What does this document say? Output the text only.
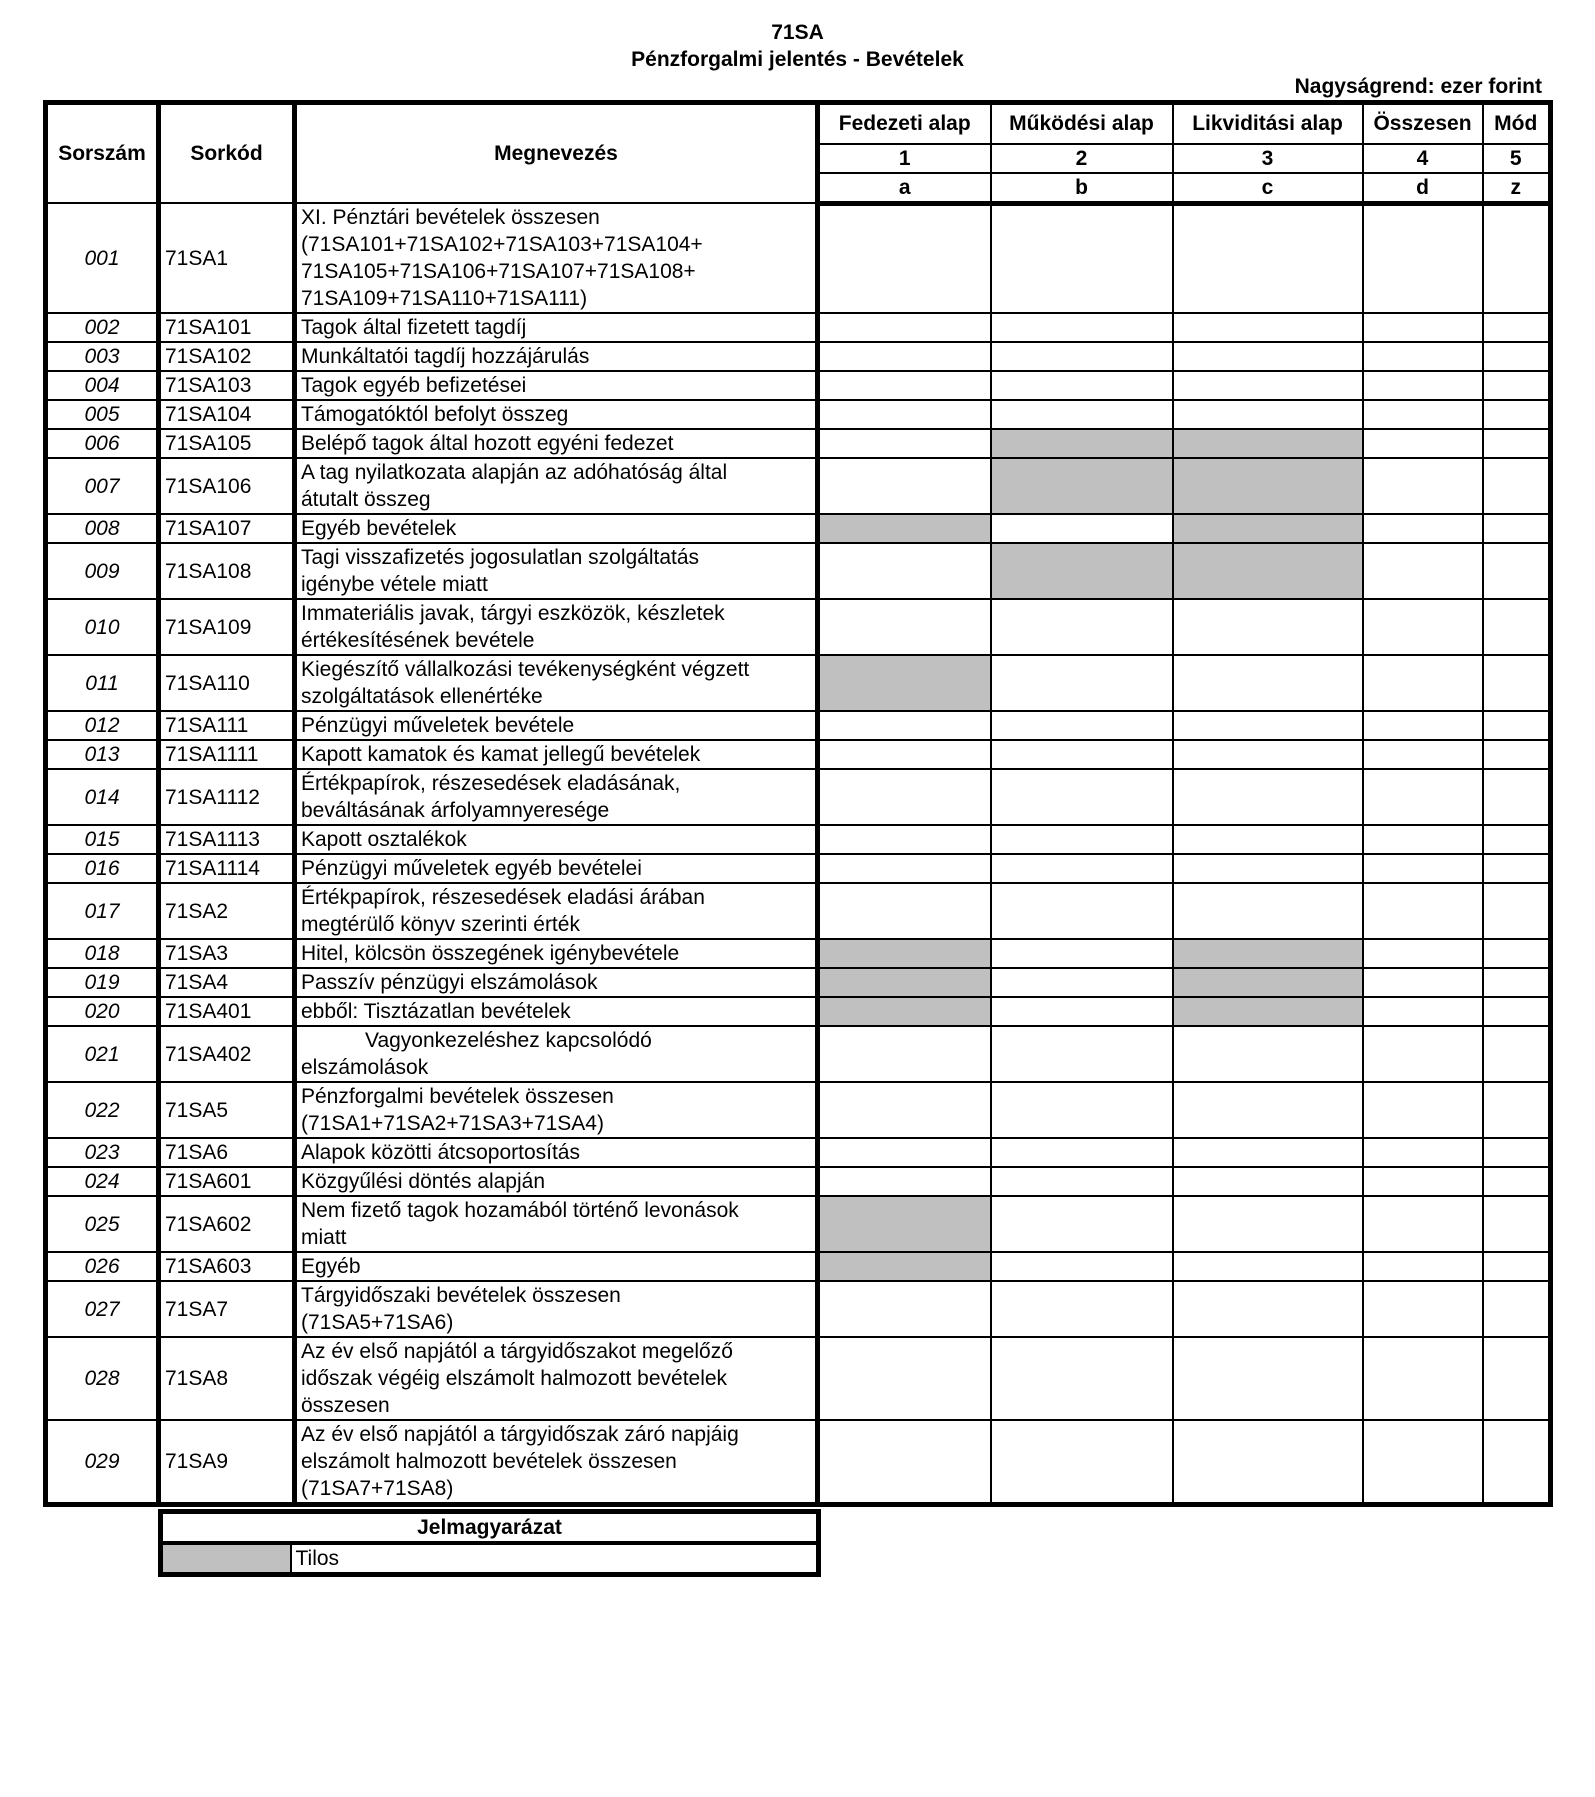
71SA
Pénzforgalmi jelentés - Bevételek
Nagyságrend: ezer forint
Sorszám	Sorkód	Megnevezés	Fedezeti alap	Működési alap	Likviditási alap	Összesen	Mód
			1	2	3	4	5
			a	b	c	d	z
001	71SA1	XI. Pénztári bevételek összesen
(71SA101+71SA102+71SA103+71SA104+
71SA105+71SA106+71SA107+71SA108+
71SA109+71SA110+71SA111)					

002	71SA101	Tagok által fizetett tagdíj					

003	71SA102	Munkáltatói tagdíj hozzájárulás					

004	71SA103	Tagok egyéb befizetései					

005	71SA104	Támogatóktól befolyt összeg					

006	71SA105	Belépő tagok által hozott egyéni fedezet					

007	71SA106	A tag nyilatkozata alapján az adóhatóság által
átutalt összeg					

008	71SA107	Egyéb bevételek					

009	71SA108	Tagi visszafizetés jogosulatlan szolgáltatás
igénybe vétele miatt					

010	71SA109	Immateriális javak, tárgyi eszközök, készletek
értékesítésének bevétele					

011	71SA110	Kiegészítő vállalkozási tevékenységként végzett
szolgáltatások ellenértéke					

012	71SA111	Pénzügyi műveletek bevétele					

013	71SA1111	Kapott kamatok és kamat jellegű bevételek					

014	71SA1112	Értékpapírok, részesedések eladásának,
beváltásának árfolyamnyeresége					

015	71SA1113	Kapott osztalékok					

016	71SA1114	Pénzügyi műveletek egyéb bevételei					

017	71SA2	Értékpapírok, részesedések eladási árában
megtérülő könyv szerinti érték					

018	71SA3	Hitel, kölcsön összegének igénybevétele					

019	71SA4	Passzív pénzügyi elszámolások					

020	71SA401	ebből: Tisztázatlan bevételek					

021	71SA402	Vagyonkezeléshez kapcsolódó
elszámolások					

022	71SA5	Pénzforgalmi bevételek összesen
(71SA1+71SA2+71SA3+71SA4)					

023	71SA6	Alapok közötti átcsoportosítás					

024	71SA601	Közgyűlési döntés alapján					

025	71SA602	Nem fizető tagok hozamából történő levonások
miatt					

026	71SA603	Egyéb					

027	71SA7	Tárgyidőszaki bevételek összesen
(71SA5+71SA6)					

028	71SA8	Az év első napjától a tárgyidőszakot megelőző
időszak végéig elszámolt halmozott bevételek
összesen					

029	71SA9	Az év első napjától a tárgyidőszak záró napjáig
elszámolt halmozott bevételek összesen
(71SA7+71SA8)					

Jelmagyarázat
	Tilos
